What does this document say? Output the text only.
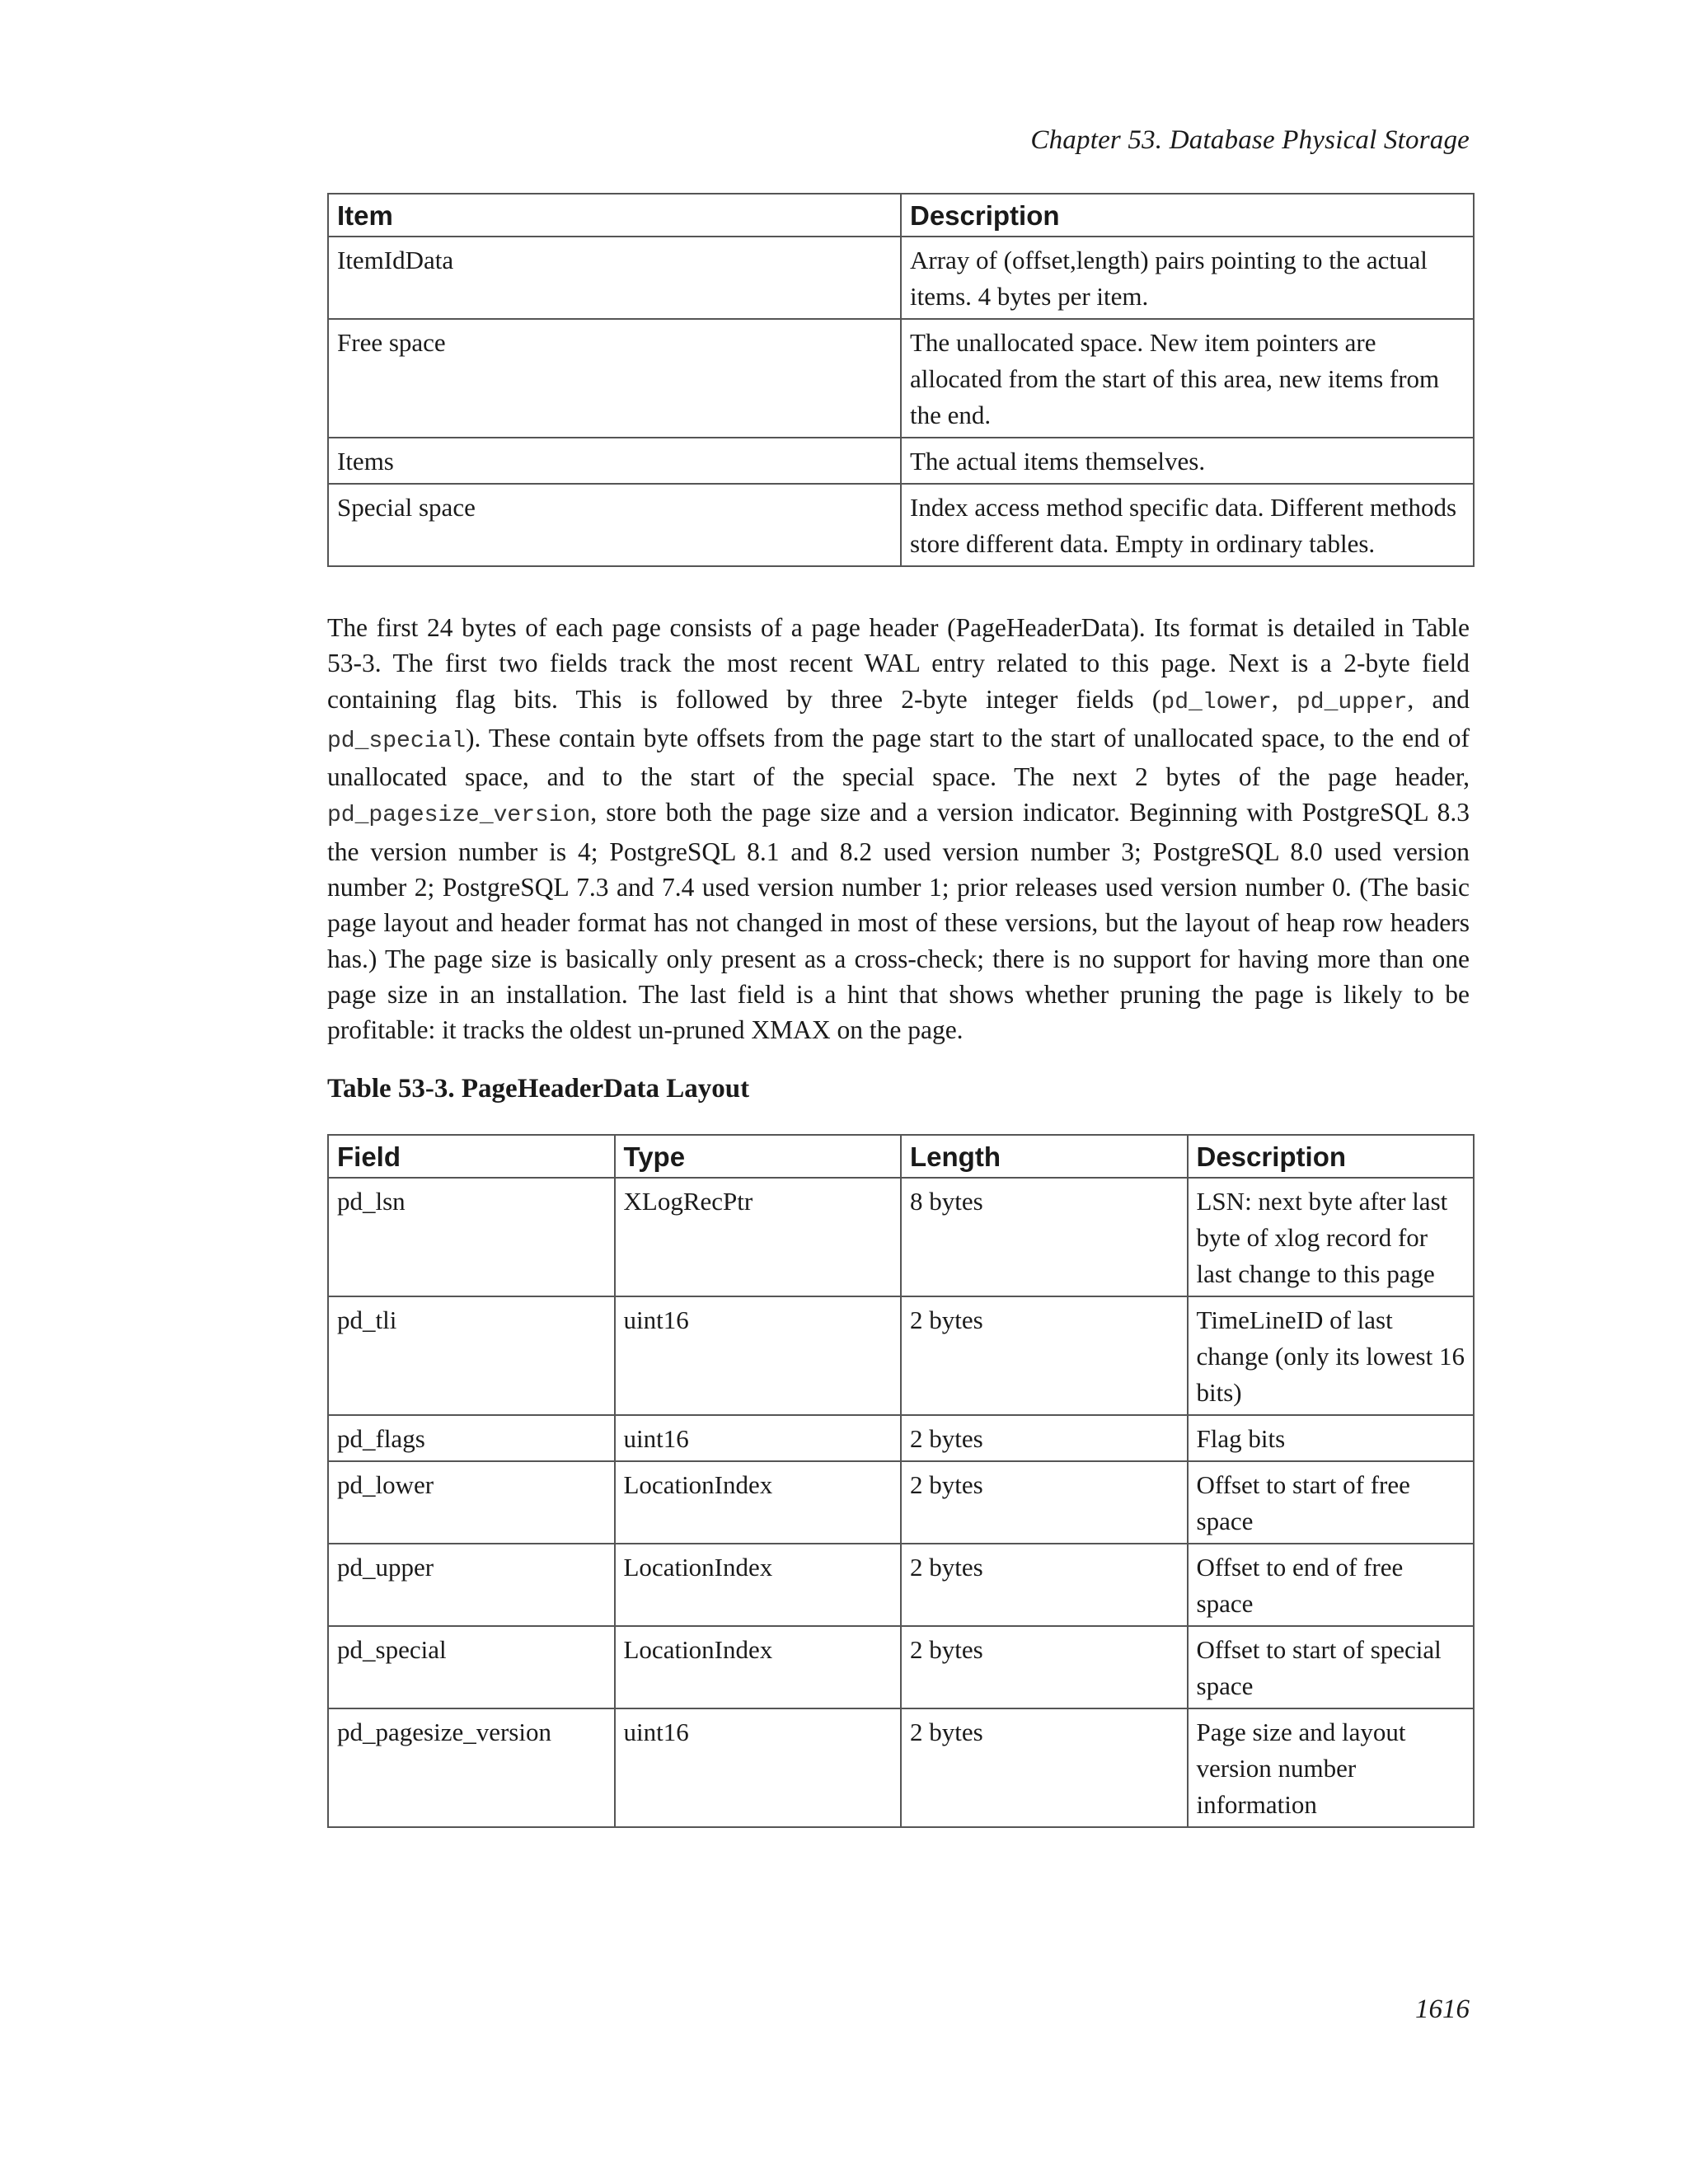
Chapter 53. Database Physical Storage
Item	Description
ItemIdData	Array of (offset,length) pairs pointing to the actual items. 4 bytes per item.
Free space	The unallocated space. New item pointers are allocated from the start of this area, new items from the end.
Items	The actual items themselves.
Special space	Index access method specific data. Different methods store different data. Empty in ordinary tables.

The first 24 bytes of each page consists of a page header (PageHeaderData). Its format is detailed in Table 53-3. The first two fields track the most recent WAL entry related to this page. Next is a 2-byte field containing flag bits. This is followed by three 2-byte integer fields (pd_lower, pd_upper, and pd_special). These contain byte offsets from the page start to the start of unallocated space, to the end of unallocated space, and to the start of the special space. The next 2 bytes of the page header, pd_pagesize_version, store both the page size and a version indicator. Beginning with PostgreSQL 8.3 the version number is 4; PostgreSQL 8.1 and 8.2 used version number 3; PostgreSQL 8.0 used version number 2; PostgreSQL 7.3 and 7.4 used version number 1; prior releases used version number 0. (The basic page layout and header format has not changed in most of these versions, but the layout of heap row headers has.) The page size is basically only present as a cross-check; there is no support for having more than one page size in an installation. The last field is a hint that shows whether pruning the page is likely to be profitable: it tracks the oldest un-pruned XMAX on the page.

Table 53-3. PageHeaderData Layout

Field	Type	Length	Description
pd_lsn	XLogRecPtr	8 bytes	LSN: next byte after last byte of xlog record for last change to this page
pd_tli	uint16	2 bytes	TimeLineID of last change (only its lowest 16 bits)
pd_flags	uint16	2 bytes	Flag bits
pd_lower	LocationIndex	2 bytes	Offset to start of free space
pd_upper	LocationIndex	2 bytes	Offset to end of free space
pd_special	LocationIndex	2 bytes	Offset to start of special space
pd_pagesize_version	uint16	2 bytes	Page size and layout version number information
1616
